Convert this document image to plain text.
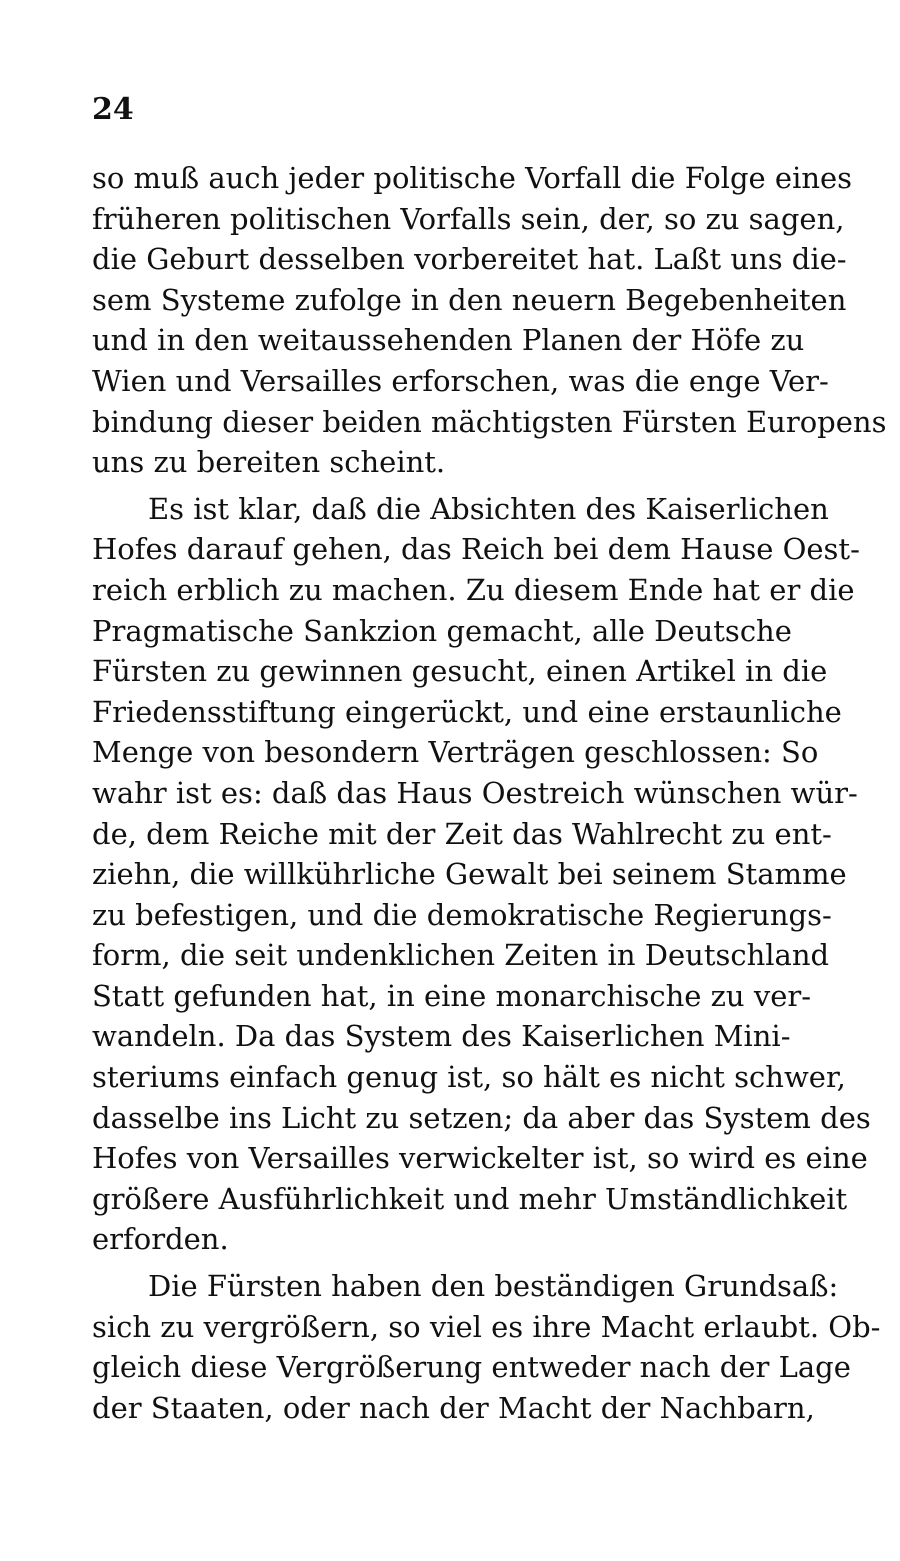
24
so muß auch jeder politische Vorfall die Folge eines
früheren politischen Vorfalls sein, der, so zu sagen,
die Geburt desselben vorbereitet hat. Laßt uns die-
sem Systeme zufolge in den neuern Begebenheiten
und in den weitaussehenden Planen der Höfe zu
Wien und Versailles erforschen, was die enge Ver-
bindung dieser beiden mächtigsten Fürsten Europens
uns zu bereiten scheint.
Es ist klar, daß die Absichten des Kaiserlichen
Hofes darauf gehen, das Reich bei dem Hause Oest-
reich erblich zu machen. Zu diesem Ende hat er die
Pragmatische Sankzion gemacht, alle Deutsche
Fürsten zu gewinnen gesucht, einen Artikel in die
Friedensstiftung eingerückt, und eine erstaunliche
Menge von besondern Verträgen geschlossen: So
wahr ist es: daß das Haus Oestreich wünschen wür-
de, dem Reiche mit der Zeit das Wahlrecht zu ent-
ziehn, die willkührliche Gewalt bei seinem Stamme
zu befestigen, und die demokratische Regierungs-
form, die seit undenklichen Zeiten in Deutschland
Statt gefunden hat, in eine monarchische zu ver-
wandeln. Da das System des Kaiserlichen Mini-
steriums einfach genug ist, so hält es nicht schwer,
dasselbe ins Licht zu setzen; da aber das System des
Hofes von Versailles verwickelter ist, so wird es eine
größere Ausführlichkeit und mehr Umständlichkeit
erforden.
Die Fürsten haben den beständigen Grundsaß:
sich zu vergrößern, so viel es ihre Macht erlaubt. Ob-
gleich diese Vergrößerung entweder nach der Lage
der Staaten, oder nach der Macht der Nachbarn,
